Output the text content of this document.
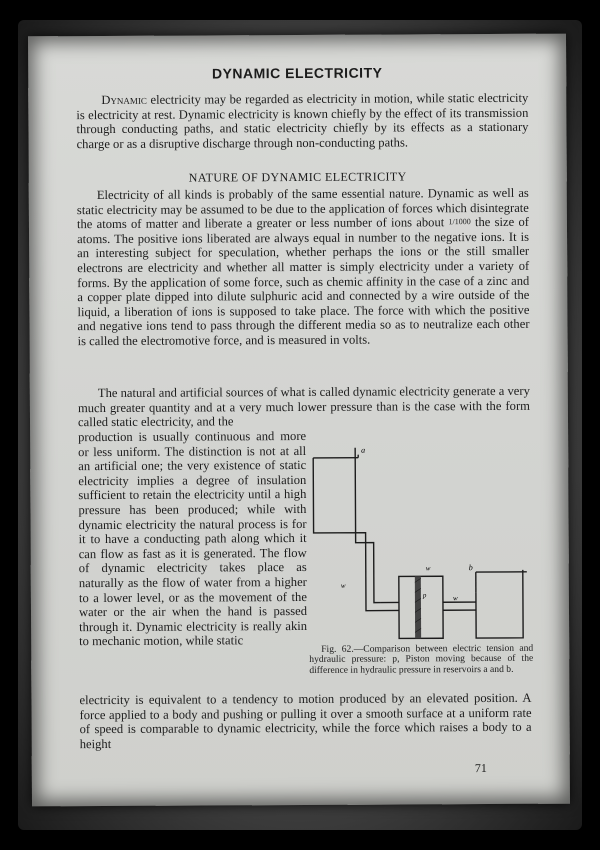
DYNAMIC ELECTRICITY

Dynamic electricity may be regarded as electricity in motion, while static electricity is electricity at rest. Dynamic electricity is known chiefly by the effect of its transmission through conducting paths, and static electricity chiefly by its effects as a stationary charge or as a disruptive discharge through non-conducting paths.

NATURE OF DYNAMIC ELECTRICITY

Electricity of all kinds is probably of the same essential nature. Dynamic as well as static electricity may be assumed to be due to the application of forces which disintegrate the atoms of matter and liberate a greater or less number of ions about 1/1000 the size of atoms. The positive ions liberated are always equal in number to the negative ions. It is an interesting subject for speculation, whether perhaps the ions or the still smaller electrons are electricity and whether all matter is simply electricity under a variety of forms. By the application of some force, such as chemic affinity in the case of a zinc and a copper plate dipped into dilute sulphuric acid and connected by a wire outside of the liquid, a liberation of ions is supposed to take place. The force with which the positive and negative ions tend to pass through the different media so as to neutralize each other is called the electromotive force, and is measured in volts.

The natural and artificial sources of what is called dynamic electricity generate a very much greater quantity and at a very much lower pressure than is the case with the form called static electricity, and the

production is usually continuous and more or less uniform. The distinction is not at all an artificial one; the very existence of static electricity implies a degree of insulation sufficient to retain the electricity until a high pressure has been produced; while with dynamic electricity the natural process is for it to have a conducting path along which it can flow as fast as it is generated. The flow of dynamic electricity takes place as naturally as the flow of water from a higher to a lower level, or as the movement of the water or the air when the hand is passed through it. Dynamic electricity is really akin to mechanic motion, while static

a
b
p
w
w
w

Fig. 62.—Comparison between electric tension and hydraulic pressure: p, Piston moving because of the difference in hydraulic pressure in reservoirs a and b.

electricity is equivalent to a tendency to motion produced by an elevated position. A force applied to a body and pushing or pulling it over a smooth surface at a uniform rate of speed is comparable to dynamic electricity, while the force which raises a body to a height

71
